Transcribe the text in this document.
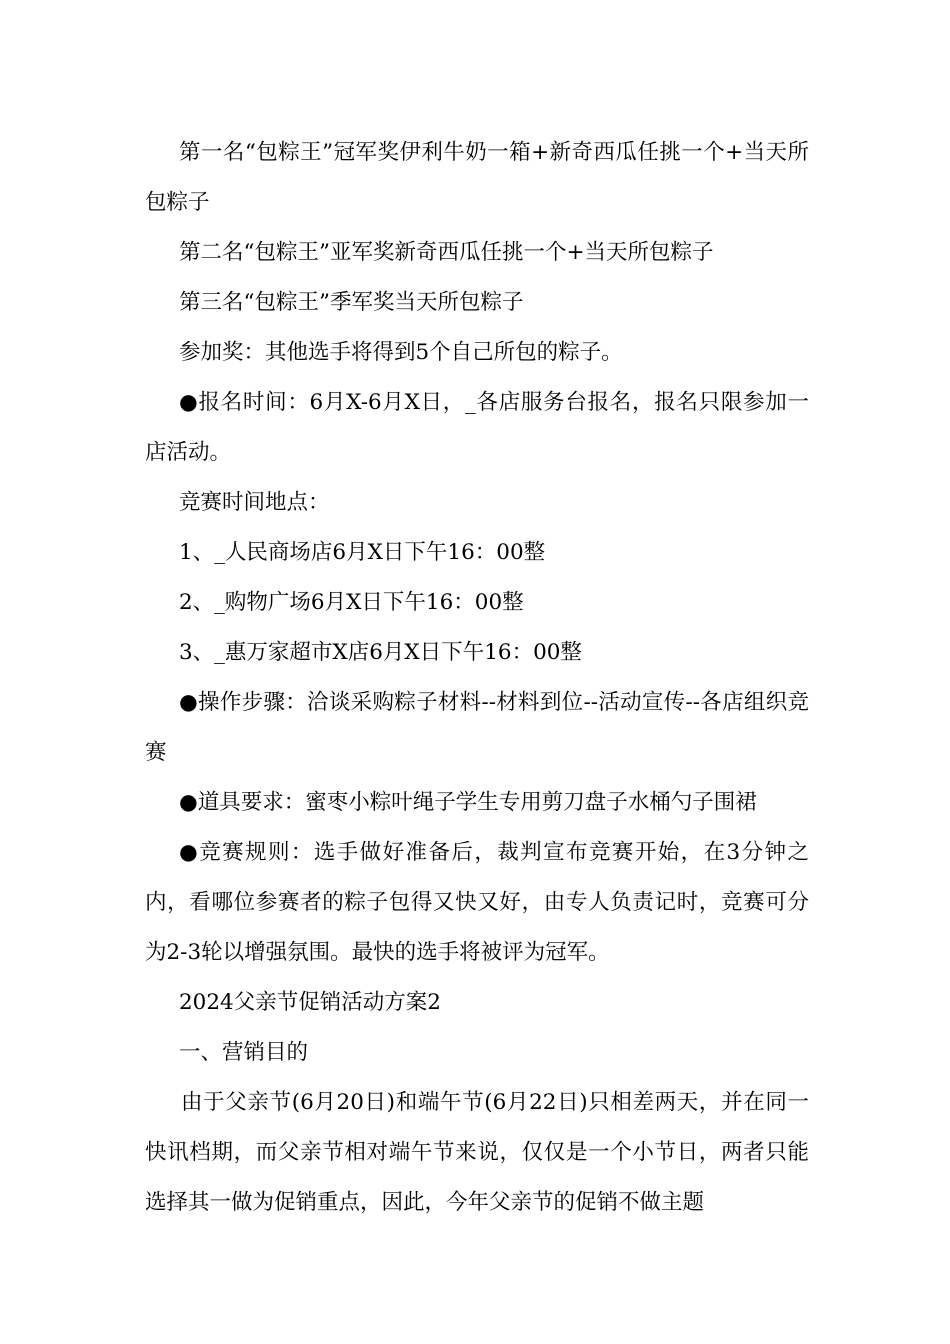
第一名“包粽王”冠军奖伊利牛奶一箱+新奇西瓜任挑一个+当天所包粽子

第二名“包粽王”亚军奖新奇西瓜任挑一个+当天所包粽子

第三名“包粽王”季军奖当天所包粽子

参加奖：其他选手将得到5个自己所包的粽子。

●报名时间：6月X-6月X日，_各店服务台报名，报名只限参加一店活动。

竞赛时间地点：

1、_人民商场店6月X日下午16：00整

2、_购物广场6月X日下午16：00整

3、_惠万家超市X店6月X日下午16：00整

●操作步骤：洽谈采购粽子材料--材料到位--活动宣传--各店组织竞赛

●道具要求：蜜枣小粽叶绳子学生专用剪刀盘子水桶勺子围裙

●竞赛规则：选手做好准备后，裁判宣布竞赛开始，在3分钟之内，看哪位参赛者的粽子包得又快又好，由专人负责记时，竞赛可分为2-3轮以增强氛围。最快的选手将被评为冠军。

2024父亲节促销活动方案2

一、营销目的

由于父亲节(6月20日)和端午节(6月22日)只相差两天，并在同一快讯档期，而父亲节相对端午节来说，仅仅是一个小节日，两者只能选择其一做为促销重点，因此，今年父亲节的促销不做主题
